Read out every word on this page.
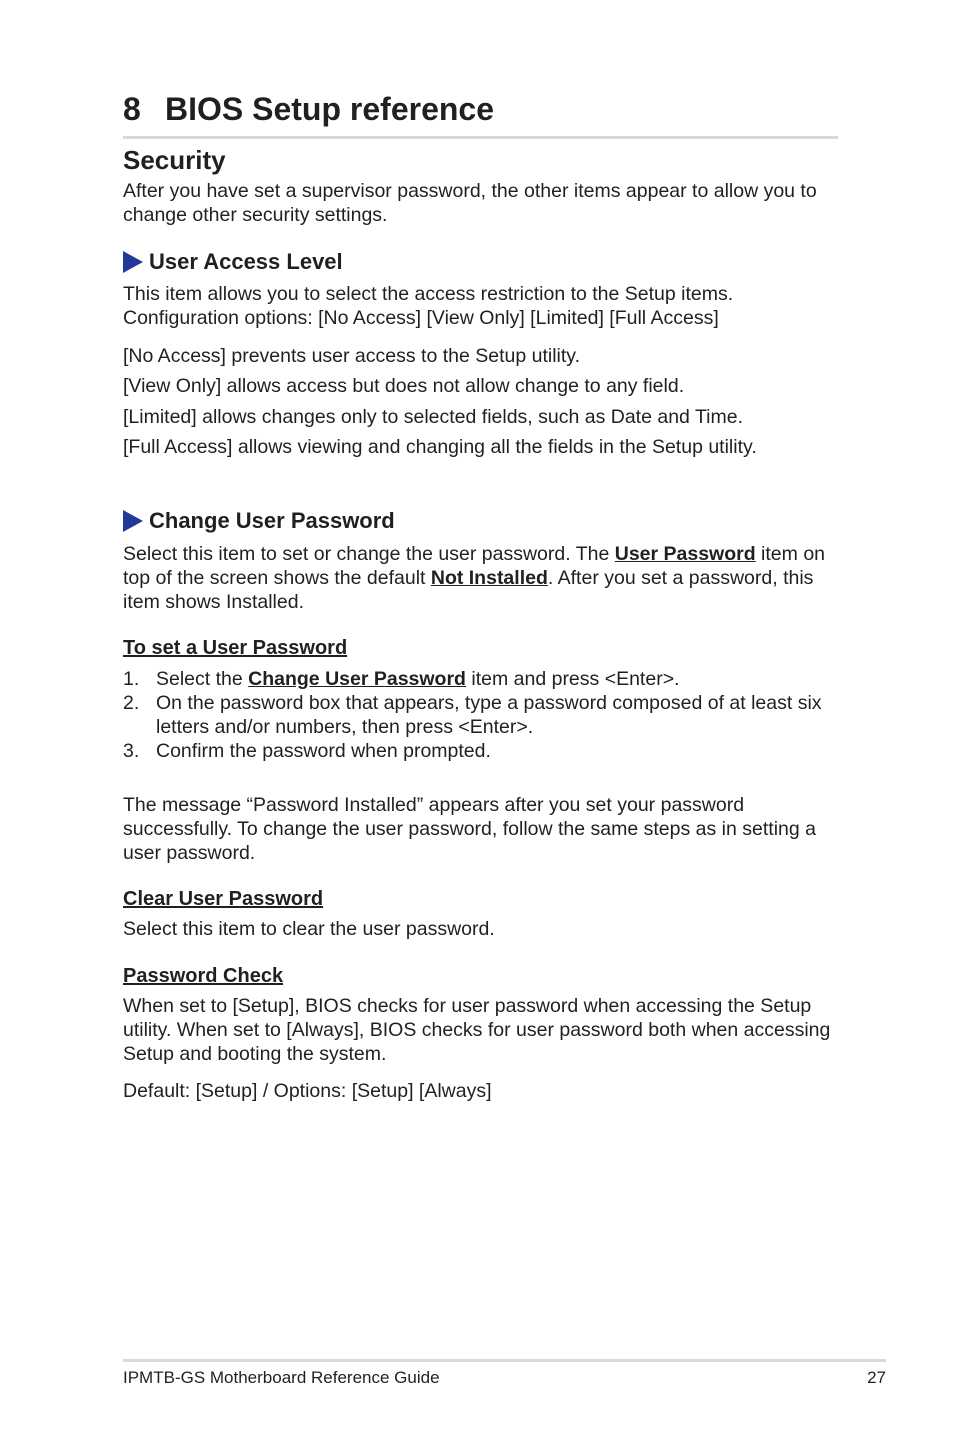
8 BIOS Setup reference
Security

After you have set a supervisor password, the other items appear to allow you to change other security settings.

User Access Level

This item allows you to select the access restriction to the Setup items.

Configuration options: [No Access] [View Only] [Limited] [Full Access]

[No Access] prevents user access to the Setup utility.

[View Only] allows access but does not allow change to any field.

[Limited] allows changes only to selected fields, such as Date and Time.

[Full Access] allows viewing and changing all the fields in the Setup utility.

Change User Password

Select this item to set or change the user password. The User Password item on top of the screen shows the default Not Installed. After you set a password, this item shows Installed.

To set a User Password
1. Select the Change User Password item and press <Enter>.
2. On the password box that appears, type a password composed of at least six letters and/or numbers, then press <Enter>.
3. Confirm the password when prompted.

The message “Password Installed” appears after you set your password successfully. To change the user password, follow the same steps as in setting a user password.

Clear User Password

Select this item to clear the user password.

Password Check

When set to [Setup], BIOS checks for user password when accessing the Setup utility. When set to [Always], BIOS checks for user password both when accessing Setup and booting the system.

Default: [Setup] / Options: [Setup] [Always]

IPMTB-GS Motherboard Reference Guide	27
